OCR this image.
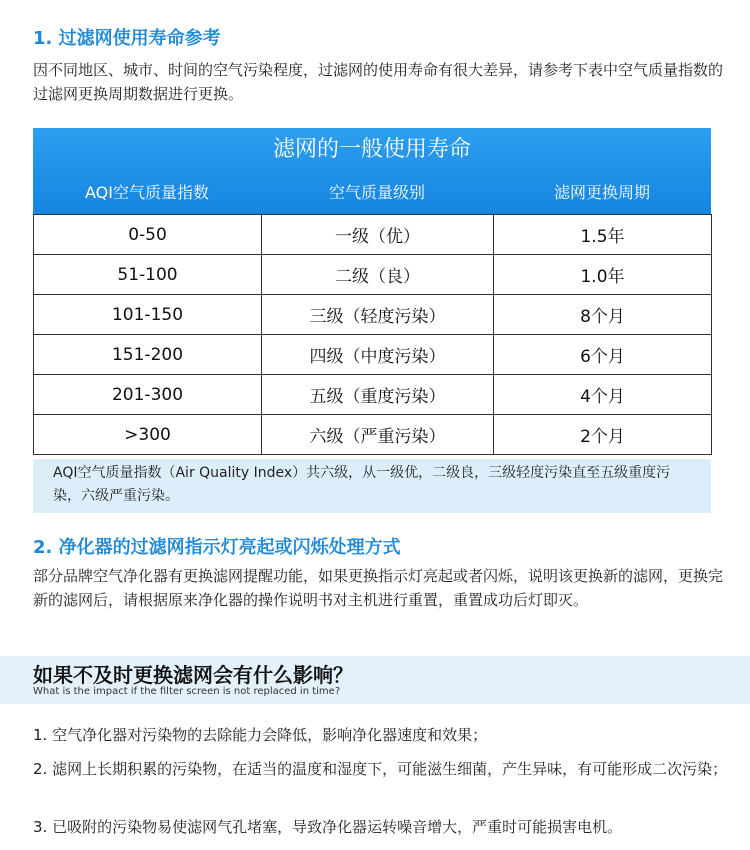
1. 过滤网使用寿命参考

因不同地区、城市、时间的空气污染程度，过滤网的使用寿命有很大差异，请参考下表中空气质量指数的过滤网更换周期数据进行更换。

滤网的一般使用寿命
AQI空气质量指数	空气质量级别	滤网更换周期
0-50	一级（优）	1.5年
51-100	二级（良）	1.0年
101-150	三级（轻度污染）	8个月
151-200	四级（中度污染）	6个月
201-300	五级（重度污染）	4个月
>300	六级（严重污染）	2个月
AQI空气质量指数（Air Quality Index）共六级，从一级优，二级良，三级轻度污染直至五级重度污染，六级严重污染。
2. 净化器的过滤网指示灯亮起或闪烁处理方式

部分品牌空气净化器有更换滤网提醒功能，如果更换指示灯亮起或者闪烁，说明该更换新的滤网，更换完新的滤网后，请根据原来净化器的操作说明书对主机进行重置，重置成功后灯即灭。

如果不及时更换滤网会有什么影响？
What is the impact if the filter screen is not replaced in time?

1. 空气净化器对污染物的去除能力会降低，影响净化器速度和效果；

2. 滤网上长期积累的污染物，在适当的温度和湿度下，可能滋生细菌，产生异味，有可能形成二次污染；

3. 已吸附的污染物易使滤网气孔堵塞，导致净化器运转噪音增大，严重时可能损害电机。
